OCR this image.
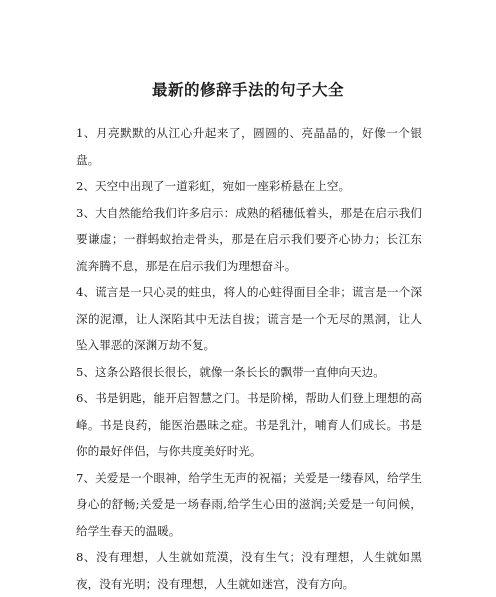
最新的修辞手法的句子大全

1、月亮默默的从江心升起来了，圆圆的、亮晶晶的，好像一个银盘。

2、天空中出现了一道彩虹，宛如一座彩桥悬在上空。

3、大自然能给我们许多启示：成熟的稻穗低着头，那是在启示我们要谦虚；一群蚂蚁抬走骨头，那是在启示我们要齐心协力；长江东流奔腾不息，那是在启示我们为理想奋斗。

4、谎言是一只心灵的蛀虫，将人的心蛀得面目全非；谎言是一个深深的泥潭，让人深陷其中无法自拔；谎言是一个无尽的黑洞，让人坠入罪恶的深渊万劫不复。

5、这条公路很长很长，就像一条长长的飘带一直伸向天边。

6、书是钥匙，能开启智慧之门。书是阶梯，帮助人们登上理想的高峰。书是良药，能医治愚昧之症。书是乳汁，哺育人们成长。书是你的最好伴侣，与你共度美好时光。

7、关爱是一个眼神，给学生无声的祝福；关爱是一缕春风，给学生身心的舒畅;关爱是一场春雨,给学生心田的滋润;关爱是一句问候，给学生春天的温暖。

8、没有理想，人生就如荒漠，没有生气；没有理想，人生就如黑夜，没有光明；没有理想，人生就如迷宫，没有方向。
